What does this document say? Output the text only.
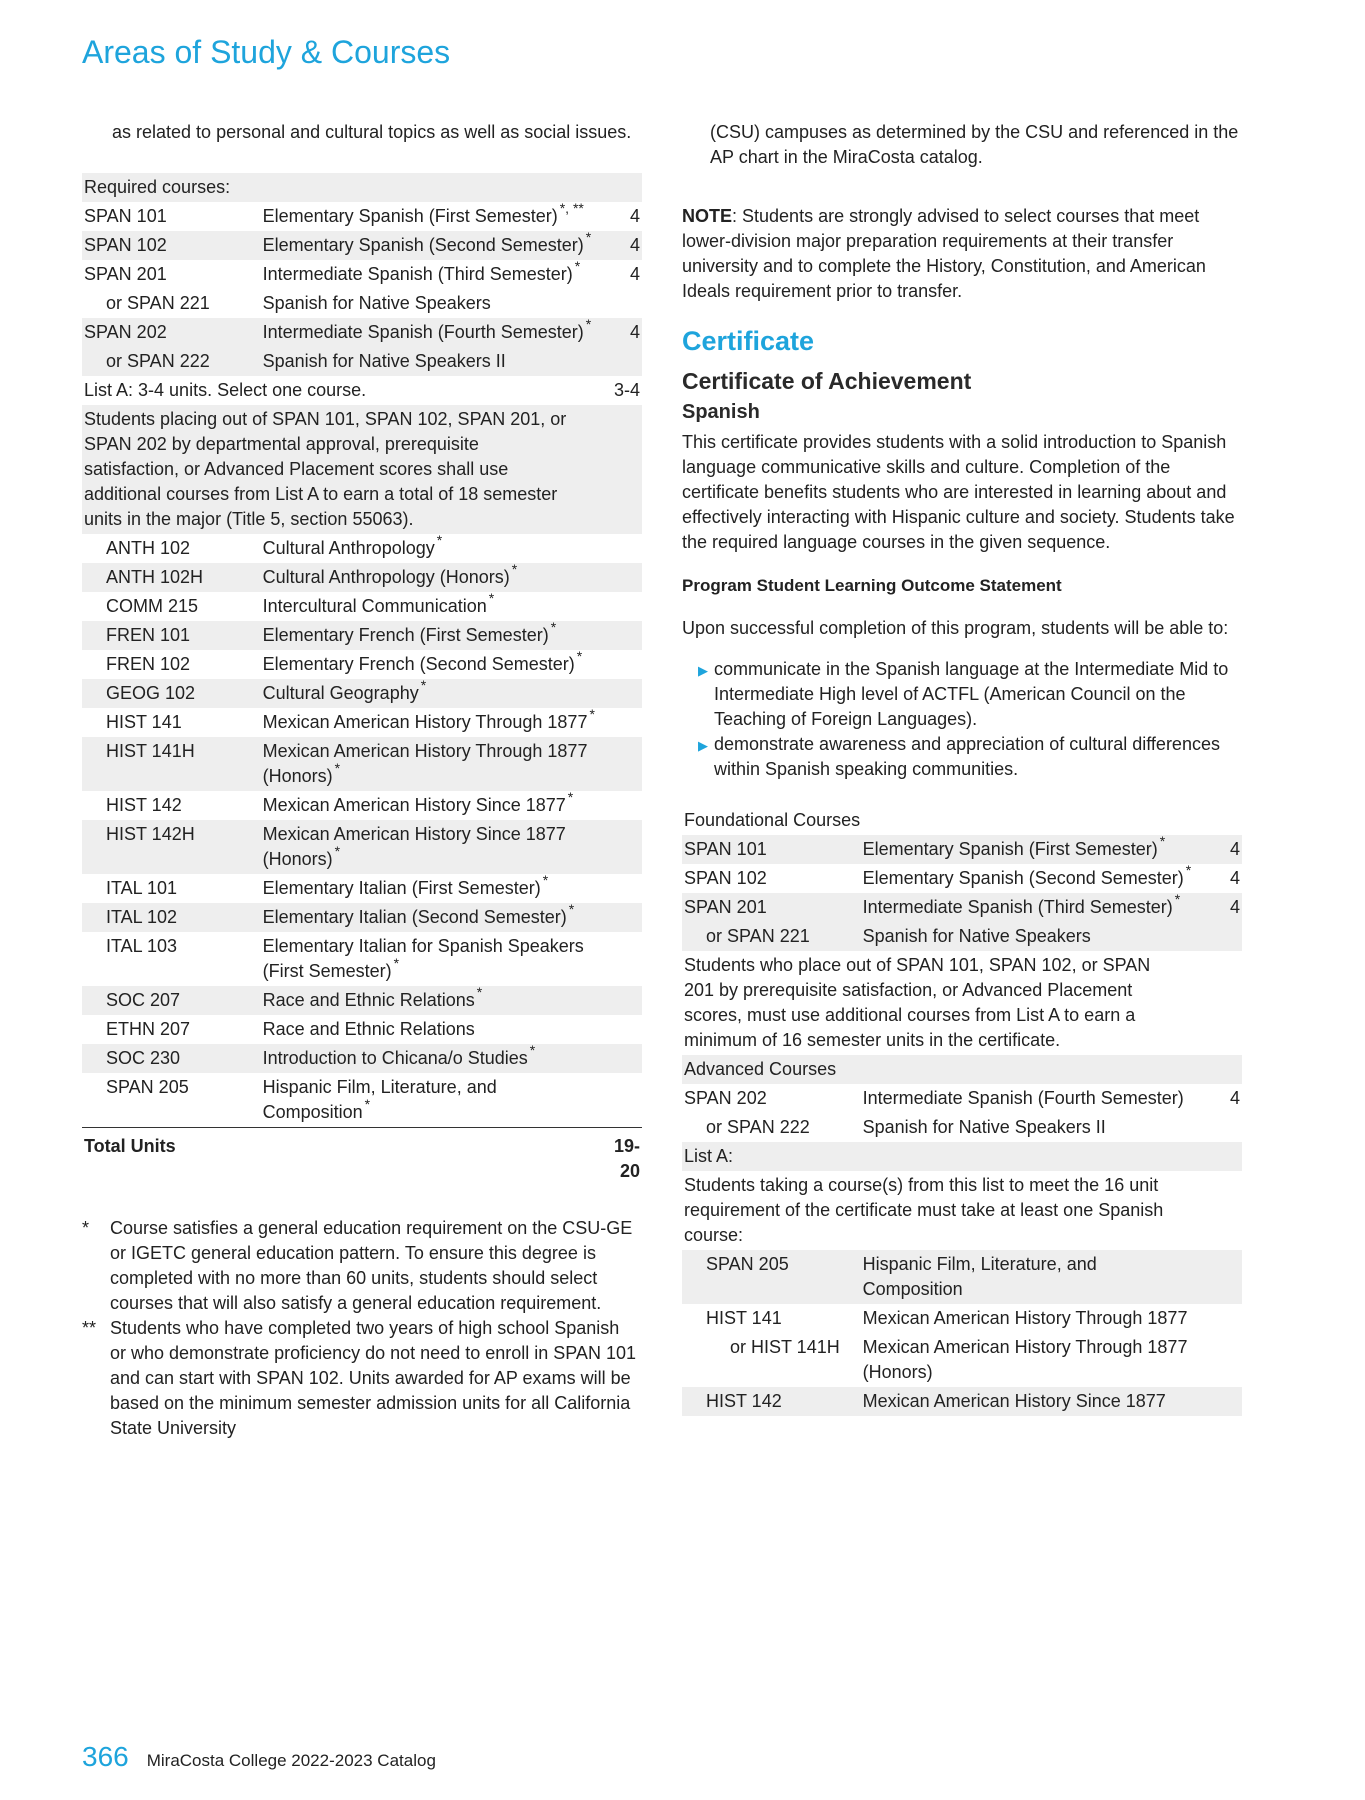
Areas of Study & Courses

as related to personal and cultural topics as well as social issues.

Required courses:		
SPAN 101	Elementary Spanish (First Semester) *, **	4
SPAN 102	Elementary Spanish (Second Semester) *	4
SPAN 201	Intermediate Spanish (Third Semester) *	4
or SPAN 221	Spanish for Native Speakers	
SPAN 202	Intermediate Spanish (Fourth Semester) *	4
or SPAN 222	Spanish for Native Speakers II	
List A: 3-4 units. Select one course.		3-4
Students placing out of SPAN 101, SPAN 102, SPAN 201, or SPAN 202 by departmental approval, prerequisite satisfaction, or Advanced Placement scores shall use additional courses from List A to earn a total of 18 semester units in the major (Title 5, section 55063).		
ANTH 102	Cultural Anthropology *	
ANTH 102H	Cultural Anthropology (Honors) *	
COMM 215	Intercultural Communication *	
FREN 101	Elementary French (First Semester) *	
FREN 102	Elementary French (Second Semester) *	
GEOG 102	Cultural Geography *	
HIST 141	Mexican American History Through 1877 *	
HIST 141H	Mexican American History Through 1877 (Honors) *	
HIST 142	Mexican American History Since 1877 *	
HIST 142H	Mexican American History Since 1877 (Honors) *	
ITAL 101	Elementary Italian (First Semester) *	
ITAL 102	Elementary Italian (Second Semester) *	
ITAL 103	Elementary Italian for Spanish Speakers (First Semester) *	
SOC 207	Race and Ethnic Relations *	
ETHN 207	Race and Ethnic Relations	
SOC 230	Introduction to Chicana/o Studies *	
SPAN 205	Hispanic Film, Literature, and Composition *	
Total Units		19-20
*	Course satisfies a general education requirement on the CSU-GE or IGETC general education pattern. To ensure this degree is completed with no more than 60 units, students should select courses that will also satisfy a general education requirement.
** Students who have completed two years of high school Spanish or who demonstrate proficiency do not need to enroll in SPAN 101 and can start with SPAN 102. Units awarded for AP exams will be based on the minimum semester admission units for all California State University

(CSU) campuses as determined by the CSU and referenced in the AP chart in the MiraCosta catalog.

NOTE: Students are strongly advised to select courses that meet lower-division major preparation requirements at their transfer university and to complete the History, Constitution, and American Ideals requirement prior to transfer.

Certificate
Certificate of Achievement
Spanish

This certificate provides students with a solid introduction to Spanish language communicative skills and culture. Completion of the certificate benefits students who are interested in learning about and effectively interacting with Hispanic culture and society. Students take the required language courses in the given sequence.

Program Student Learning Outcome Statement

Upon successful completion of this program, students will be able to:

▶ communicate in the Spanish language at the Intermediate Mid to Intermediate High level of ACTFL (American Council on the Teaching of Foreign Languages).
▶ demonstrate awareness and appreciation of cultural differences within Spanish speaking communities.
Foundational Courses		
SPAN 101	Elementary Spanish (First Semester) *	4
SPAN 102	Elementary Spanish (Second Semester) *	4
SPAN 201	Intermediate Spanish (Third Semester) *	4
or SPAN 221	Spanish for Native Speakers	
Students who place out of SPAN 101, SPAN 102, or SPAN 201 by prerequisite satisfaction, or Advanced Placement scores, must use additional courses from List A to earn a minimum of 16 semester units in the certificate.		
Advanced Courses		
SPAN 202	Intermediate Spanish (Fourth Semester)	4
or SPAN 222	Spanish for Native Speakers II	
List A:		
Students taking a course(s) from this list to meet the 16 unit requirement of the certificate must take at least one Spanish course:		
SPAN 205	Hispanic Film, Literature, and Composition	
HIST 141	Mexican American History Through 1877	
or HIST 141H	Mexican American History Through 1877 (Honors)	
HIST 142	Mexican American History Since 1877	
366 MiraCosta College 2022-2023 Catalog
